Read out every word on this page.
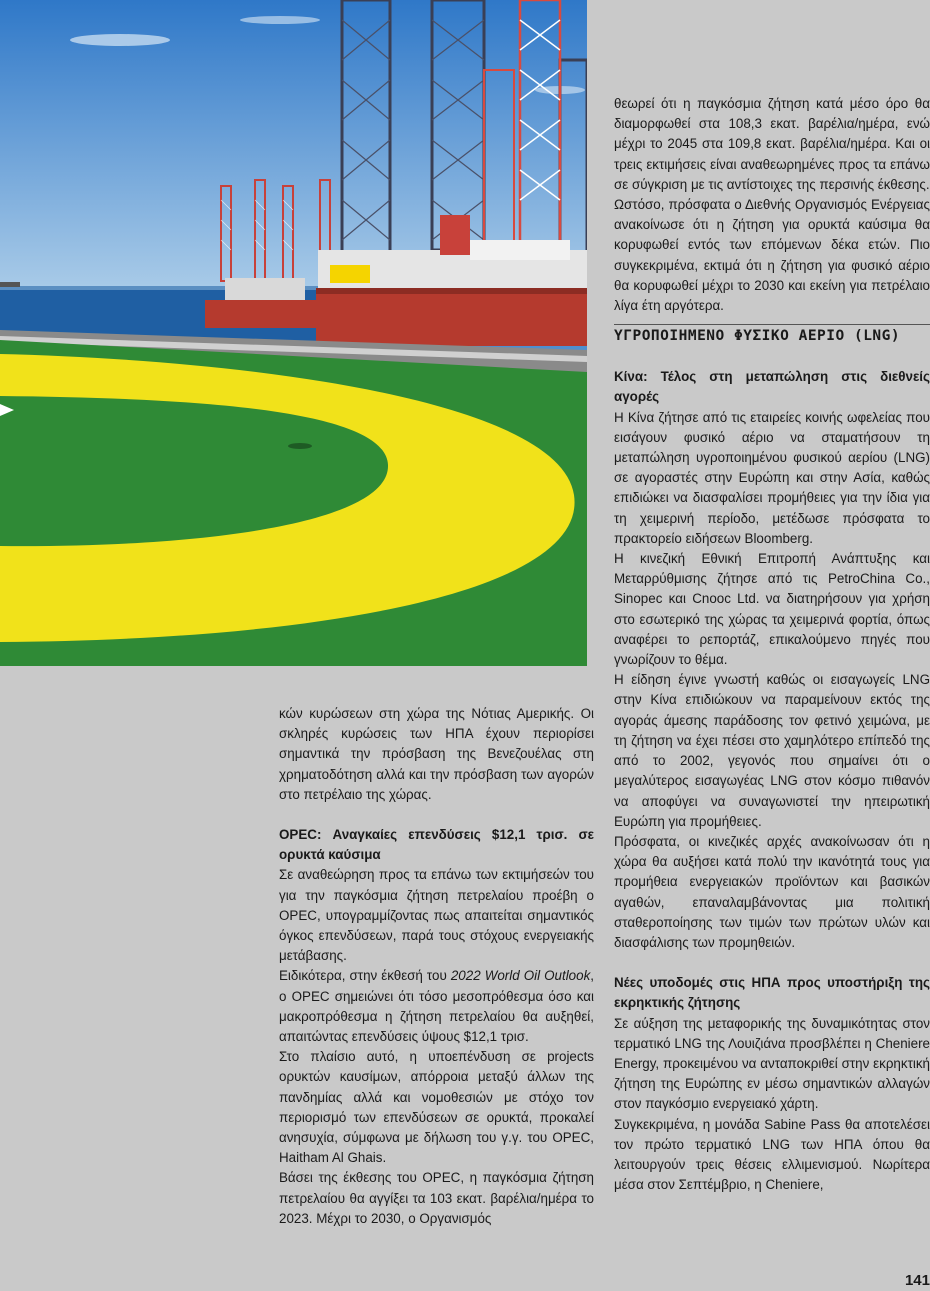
κών κυρώσεων στη χώρα της Νότιας Αμερικής. Οι σκληρές κυρώσεις των ΗΠΑ έχουν περιορίσει σημαντικά την πρόσβαση της Βενεζουέλας στη χρηματοδότηση αλλά και την πρόσβαση των αγορών στο πετρέλαιο της χώρας.

OPEC: Αναγκαίες επενδύσεις $12,1 τρισ. σε ορυκτά καύσιμα

Σε αναθεώρηση προς τα επάνω των εκτιμήσεών του για την παγκόσμια ζήτηση πετρελαίου προέβη ο OPEC, υπογραμμίζοντας πως απαιτείται σημαντικός όγκος επενδύσεων, παρά τους στόχους ενεργειακής μετάβασης.

Ειδικότερα, στην έκθεσή του 2022 World Oil Outlook, ο OPEC σημειώνει ότι τόσο μεσοπρόθεσμα όσο και μακροπρόθεσμα η ζήτηση πετρελαίου θα αυξηθεί, απαιτώντας επενδύσεις ύψους $12,1 τρισ.

Στο πλαίσιο αυτό, η υποεπένδυση σε projects ορυκτών καυσίμων, απόρροια μεταξύ άλλων της πανδημίας αλλά και νομοθεσιών με στόχο τον περιορισμό των επενδύσεων σε ορυκτά, προκαλεί ανησυχία, σύμφωνα με δήλωση του γ.γ. του OPEC, Haitham Al Ghais.

Βάσει της έκθεσης του OPEC, η παγκόσμια ζήτηση πετρελαίου θα αγγίξει τα 103 εκατ. βαρέλια/ημέρα το 2023. Μέχρι το 2030, ο Οργανισμός

θεωρεί ότι η παγκόσμια ζήτηση κατά μέσο όρο θα διαμορφωθεί στα 108,3 εκατ. βαρέλια/ημέρα, ενώ μέχρι το 2045 στα 109,8 εκατ. βαρέλια/ημέρα. Και οι τρεις εκτιμήσεις είναι αναθεωρημένες προς τα επάνω σε σύγκριση με τις αντίστοιχες της περσινής έκθεσης.

Ωστόσο, πρόσφατα ο Διεθνής Οργανισμός Ενέργειας ανακοίνωσε ότι η ζήτηση για ορυκτά καύσιμα θα κορυφωθεί εντός των επόμενων δέκα ετών. Πιο συγκεκριμένα, εκτιμά ότι η ζήτηση για φυσικό αέριο θα κορυφωθεί μέχρι το 2030 και εκείνη για πετρέλαιο λίγα έτη αργότερα.

ΥΓΡΟΠΟΙΗΜΕΝΟ ΦΥΣΙΚΟ ΑΕΡΙΟ (LNG)

Κίνα: Τέλος στη μεταπώληση στις διεθνείς αγορές

Η Κίνα ζήτησε από τις εταιρείες κοινής ωφελείας που εισάγουν φυσικό αέριο να σταματήσουν τη μεταπώληση υγροποιημένου φυσικού αερίου (LNG) σε αγοραστές στην Ευρώπη και στην Ασία, καθώς επιδιώκει να διασφαλίσει προμήθειες για την ίδια για τη χειμερινή περίοδο, μετέδωσε πρόσφατα το πρακτορείο ειδήσεων Bloomberg.

Η κινεζική Εθνική Επιτροπή Ανάπτυξης και Μεταρρύθμισης ζήτησε από τις PetroChina Co., Sinopec και Cnooc Ltd. να διατηρήσουν για χρήση στο εσωτερικό της χώρας τα χειμερινά φορτία, όπως αναφέρει το ρεπορτάζ, επικαλούμενο πηγές που γνωρίζουν το θέμα.

Η είδηση έγινε γνωστή καθώς οι εισαγωγείς LNG στην Κίνα επιδιώκουν να παραμείνουν εκτός της αγοράς άμεσης παράδοσης τον φετινό χειμώνα, με τη ζήτηση να έχει πέσει στο χαμηλότερο επίπεδό της από το 2002, γεγονός που σημαίνει ότι ο μεγαλύτερος εισαγωγέας LNG στον κόσμο πιθανόν να αποφύγει να συναγωνιστεί την ηπειρωτική Ευρώπη για προμήθειες.

Πρόσφατα, οι κινεζικές αρχές ανακοίνωσαν ότι η χώρα θα αυξήσει κατά πολύ την ικανότητά τους για προμήθεια ενεργειακών προϊόντων και βασικών αγαθών, επαναλαμβάνοντας μια πολιτική σταθεροποίησης των τιμών των πρώτων υλών και διασφάλισης των προμηθειών.

Νέες υποδομές στις ΗΠΑ προς υποστήριξη της εκρηκτικής ζήτησης

Σε αύξηση της μεταφορικής της δυναμικότητας στον τερματικό LNG της Λουιζιάνα προσβλέπει η Cheniere Energy, προκειμένου να ανταποκριθεί στην εκρηκτική ζήτηση της Ευρώπης εν μέσω σημαντικών αλλαγών στον παγκόσμιο ενεργειακό χάρτη.

Συγκεκριμένα, η μονάδα Sabine Pass θα αποτελέσει τον πρώτο τερματικό LNG των ΗΠΑ όπου θα λειτουργούν τρεις θέσεις ελλιμενισμού. Νωρίτερα μέσα στον Σεπτέμβριο, η Cheniere,

141
